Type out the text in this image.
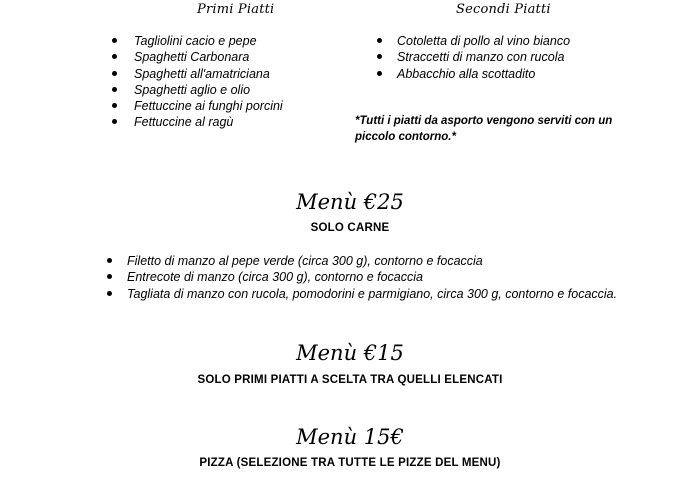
Primi Piatti	Secondi Piatti
Tagliolini cacio e pepe
Spaghetti Carbonara
Spaghetti all'amatriciana
Spaghetti aglio e olio
Fettuccine ai funghi porcini
Fettuccine al ragù
Cotoletta di pollo al vino bianco
Straccetti di manzo con rucola
Abbacchio alla scottadito
*Tutti i piatti da asporto vengono serviti con un piccolo contorno.*
Menù €25
SOLO CARNE
Filetto di manzo al pepe verde (circa 300 g), contorno e focaccia
Entrecote di manzo (circa 300 g), contorno e focaccia
Tagliata di manzo con rucola, pomodorini e parmigiano, circa 300 g, contorno e focaccia.
Menù €15
SOLO PRIMI PIATTI A SCELTA TRA QUELLI ELENCATI
Menù 15€
PIZZA (SELEZIONE TRA TUTTE LE PIZZE DEL MENU)
